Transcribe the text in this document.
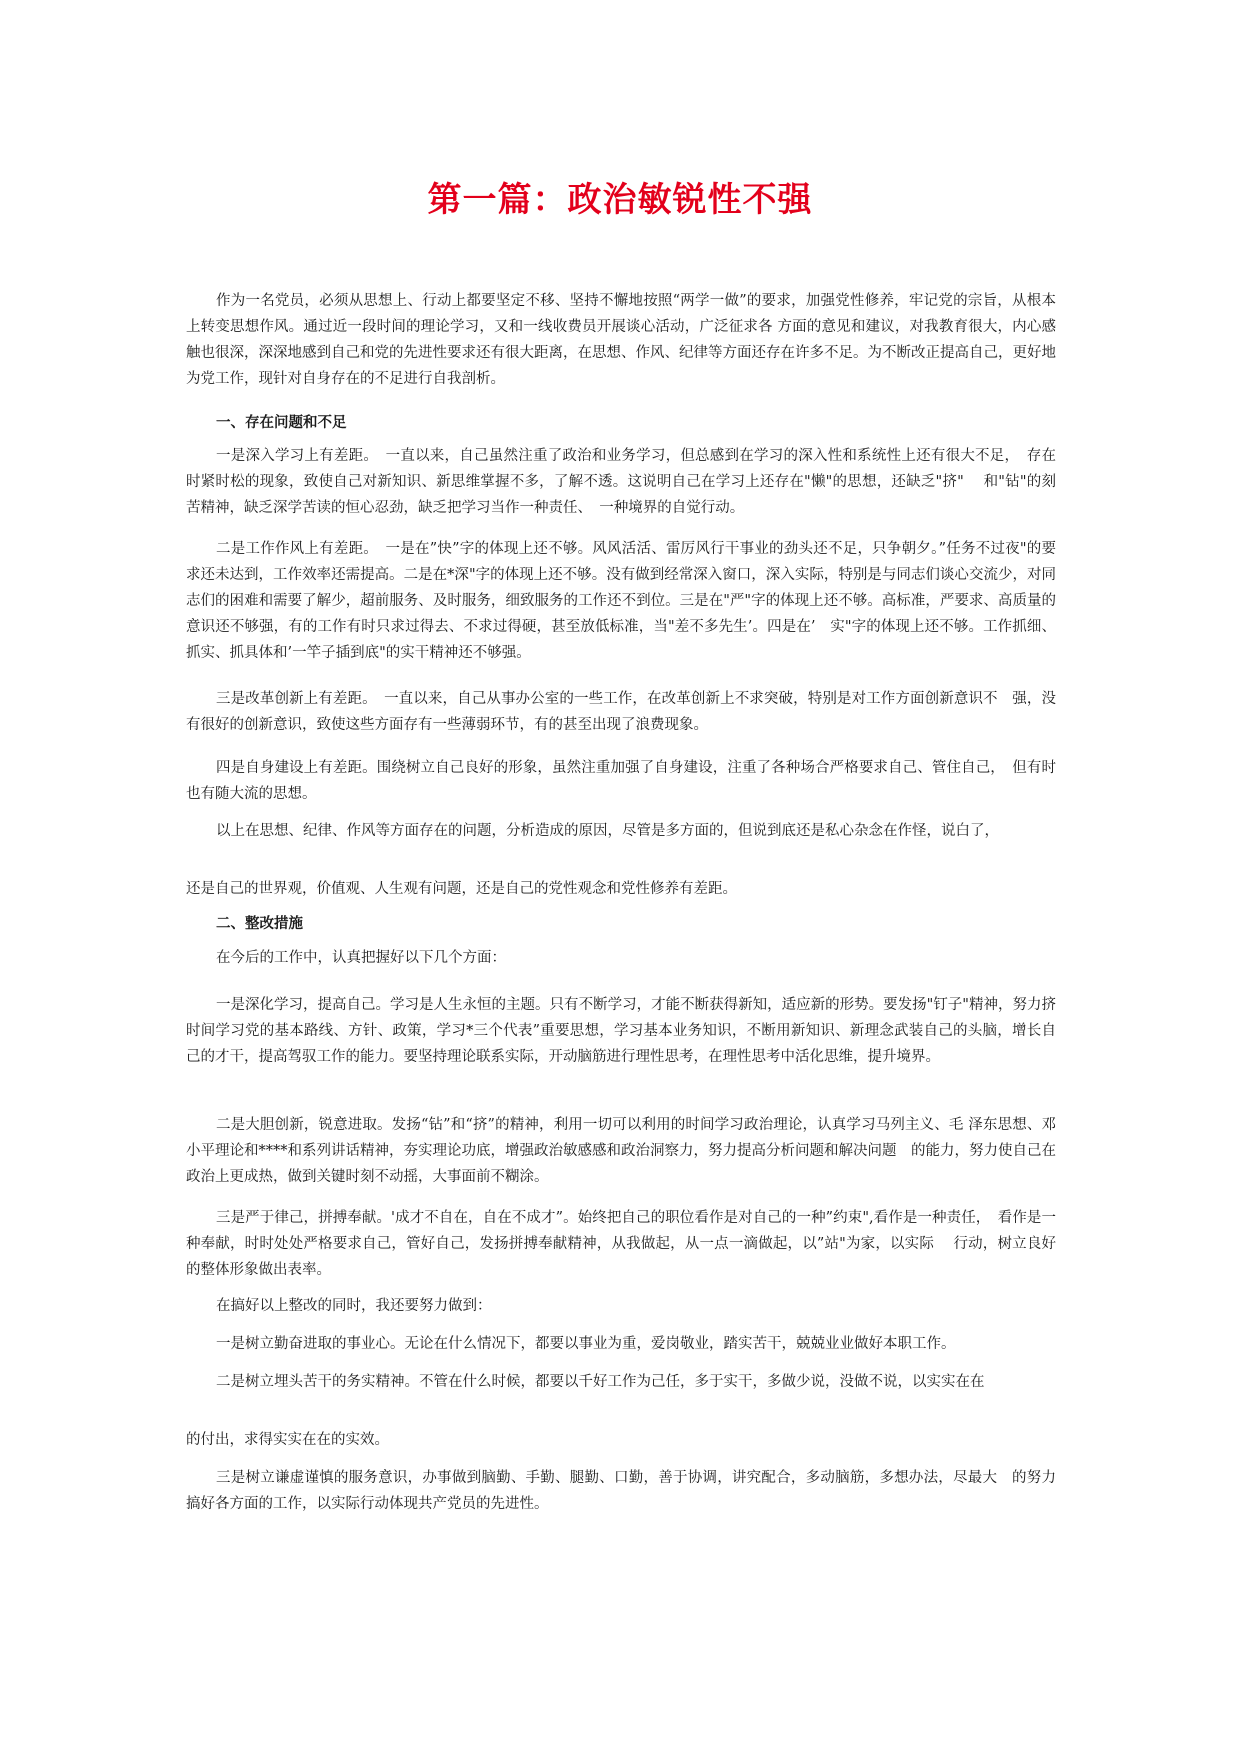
第一篇：政治敏锐性不强

作为一名党员，必须从思想上、行动上都要坚定不移、坚持不懈地按照“两学一做”的要求，加强党性修养，牢记党的宗旨，从根本上转变思想作风。通过近一段时间的理论学习，又和一线收费员开展谈心活动，广泛征求各 方面的意见和建议，对我教育很大，内心感触也很深，深深地感到自己和党的先进性要求还有很大距离，在思想、作风、纪律等方面还存在许多不足。为不断改正提高自己，更好地为党工作，现针对自身存在的不足进行自我剖析。

一、存在问题和不足

一是深入学习上有差距。　一直以来，自己虽然注重了政治和业务学习，但总感到在学习的深入性和系统性上还有很大不足，　存在时紧时松的现象，致使自己对新知识、新思维掌握不多，了解不透。这说明自己在学习上还存在"懒"的思想，还缺乏"挤"　 和"钻"的刻苦精神，缺乏深学苦读的恒心忍劲，缺乏把学习当作一种责任、　一种境界的自觉行动。

二是工作作风上有差距。　一是在”快”字的体现上还不够。风风活活、雷厉风行干事业的劲头还不足，只争朝夕。”任务不过夜"的要求还未达到，工作效率还需提高。二是在*深"字的体现上还不够。没有做到经常深入窗口，深入实际，特别是与同志们谈心交流少，对同志们的困难和需要了解少，超前服务、及时服务，细致服务的工作还不到位。三是在"严"字的体现上还不够。高标准，严要求、高质量的意识还不够强，有的工作有时只求过得去、不求过得硬，甚至放低标准，当"差不多先生’。四是在’　实"字的体现上还不够。工作抓细、抓实、抓具体和’一竿子插到底"的实干精神还不够强。

三是改革创新上有差距。　一直以来，自己从事办公室的一些工作，在改革创新上不求突破，特别是对工作方面创新意识不　强，没有很好的创新意识，致使这些方面存有一些薄弱环节，有的甚至出现了浪费现象。

四是自身建设上有差距。围绕树立自己良好的形象，虽然注重加强了自身建设，注重了各种场合严格要求自己、管住自己，　但有时也有随大流的思想。

以上在思想、纪律、作风等方面存在的问题，分析造成的原因，尽管是多方面的，但说到底还是私心杂念在作怪，说白了，

还是自己的世界观，价值观、人生观有问题，还是自己的党性观念和党性修养有差距。

二、整改措施

在今后的工作中，认真把握好以下几个方面：

一是深化学习，提高自己。学习是人生永恒的主题。只有不断学习，才能不断获得新知，适应新的形势。要发扬"钉子"精神，努力挤时间学习党的基本路线、方针、政策，学习*三个代表”重要思想，学习基本业务知识，不断用新知识、新理念武装自己的头脑，增长自己的才干，提高驾驭工作的能力。要坚持理论联系实际，开动脑筋进行理性思考，在理性思考中活化思维，提升境界。

二是大胆创新，锐意进取。发扬“钻”和“挤”的精神，利用一切可以利用的时间学习政治理论，认真学习马列主义、毛 泽东思想、邓小平理论和****和系列讲话精神，夯实理论功底，增强政治敏感感和政治洞察力，努力提高分析问题和解决问题　的能力，努力使自己在政治上更成热，做到关键时刻不动摇，大事面前不糊涂。

三是严于律己，拼搏奉献。'成才不自在，自在不成才”。始终把自己的职位看作是对自己的一种”约束",看作是一种责任，　看作是一种奉献，时时处处严格要求自己，管好自己，发扬拼搏奉献精神，从我做起，从一点一滴做起，以”站"为家，以实际　 行动，树立良好的整体形象做出表率。

在搞好以上整改的同时，我还要努力做到：

一是树立勤奋进取的事业心。无论在什么情况下，都要以事业为重，爱岗敬业，踏实苦干，兢兢业业做好本职工作。

二是树立埋头苦干的务实精神。不管在什么时候，都要以千好工作为己任，多于实干，多做少说，没做不说，以实实在在

的付出，求得实实在在的实效。

三是树立谦虚谨慎的服务意识，办事做到脑勤、手勤、腿勤、口勤，善于协调，讲究配合，多动脑筋，多想办法，尽最大　的努力搞好各方面的工作，以实际行动体现共产党员的先进性。
